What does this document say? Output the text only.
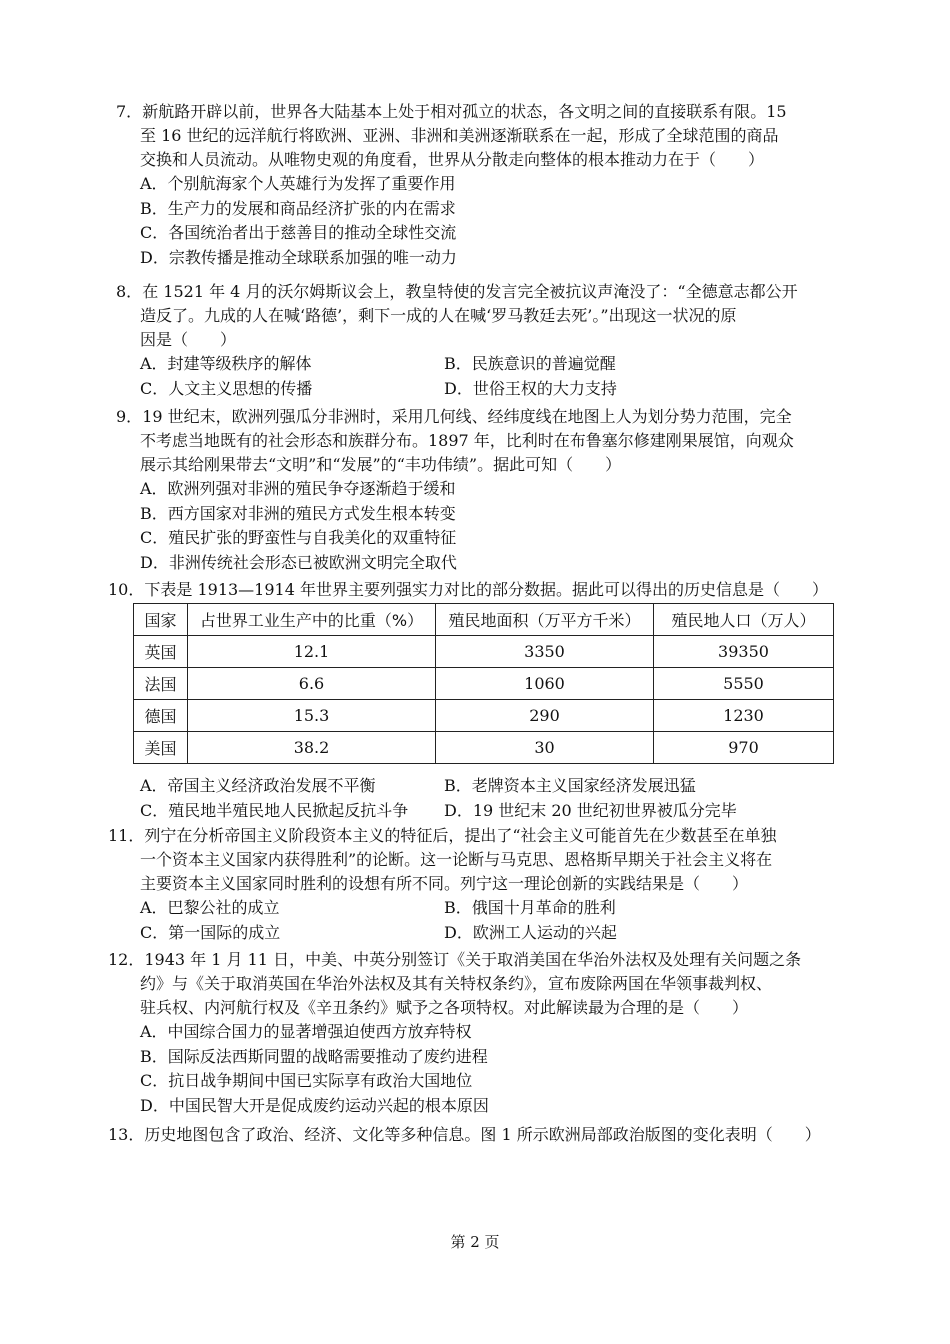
7．新航路开辟以前，世界各大陆基本上处于相对孤立的状态，各文明之间的直接联系有限。15

至 16 世纪的远洋航行将欧洲、亚洲、非洲和美洲逐渐联系在一起，形成了全球范围的商品

交换和人员流动。从唯物史观的角度看，世界从分散走向整体的根本推动力在于（　　）

A．个别航海家个人英雄行为发挥了重要作用
B．生产力的发展和商品经济扩张的内在需求
C．各国统治者出于慈善目的推动全球性交流
D．宗教传播是推动全球联系加强的唯一动力

8．在 1521 年 4 月的沃尔姆斯议会上，教皇特使的发言完全被抗议声淹没了：“全德意志都公开

造反了。九成的人在喊‘路德’，剩下一成的人在喊‘罗马教廷去死’。”出现这一状况的原

因是（　　）

A．封建等级秩序的解体	B．民族意识的普遍觉醒
C．人文主义思想的传播	D．世俗王权的大力支持

9．19 世纪末，欧洲列强瓜分非洲时，采用几何线、经纬度线在地图上人为划分势力范围，完全

不考虑当地既有的社会形态和族群分布。1897 年，比利时在布鲁塞尔修建刚果展馆，向观众

展示其给刚果带去“文明”和“发展”的“丰功伟绩”。据此可知（　　）

A．欧洲列强对非洲的殖民争夺逐渐趋于缓和
B．西方国家对非洲的殖民方式发生根本转变
C．殖民扩张的野蛮性与自我美化的双重特征
D．非洲传统社会形态已被欧洲文明完全取代

10．下表是 1913—1914 年世界主要列强实力对比的部分数据。据此可以得出的历史信息是（　　）

国家	占世界工业生产中的比重（%）	殖民地面积（万平方千米）	殖民地人口（万人）
英国	12.1	3350	39350
法国	6.6	1060	5550
德国	15.3	290	1230
美国	38.2	30	970
A．帝国主义经济政治发展不平衡	B．老牌资本主义国家经济发展迅猛
C．殖民地半殖民地人民掀起反抗斗争	D．19 世纪末 20 世纪初世界被瓜分完毕

11．列宁在分析帝国主义阶段资本主义的特征后，提出了“社会主义可能首先在少数甚至在单独

一个资本主义国家内获得胜利”的论断。这一论断与马克思、恩格斯早期关于社会主义将在

主要资本主义国家同时胜利的设想有所不同。列宁这一理论创新的实践结果是（　　）

A．巴黎公社的成立	B．俄国十月革命的胜利
C．第一国际的成立	D．欧洲工人运动的兴起

12．1943 年 1 月 11 日，中美、中英分别签订《关于取消美国在华治外法权及处理有关问题之条

约》与《关于取消英国在华治外法权及其有关特权条约》，宣布废除两国在华领事裁判权、

驻兵权、内河航行权及《辛丑条约》赋予之各项特权。对此解读最为合理的是（　　）

A．中国综合国力的显著增强迫使西方放弃特权
B．国际反法西斯同盟的战略需要推动了废约进程
C．抗日战争期间中国已实际享有政治大国地位
D．中国民智大开是促成废约运动兴起的根本原因

13．历史地图包含了政治、经济、文化等多种信息。图 1 所示欧洲局部政治版图的变化表明（　　）

第 2 页
